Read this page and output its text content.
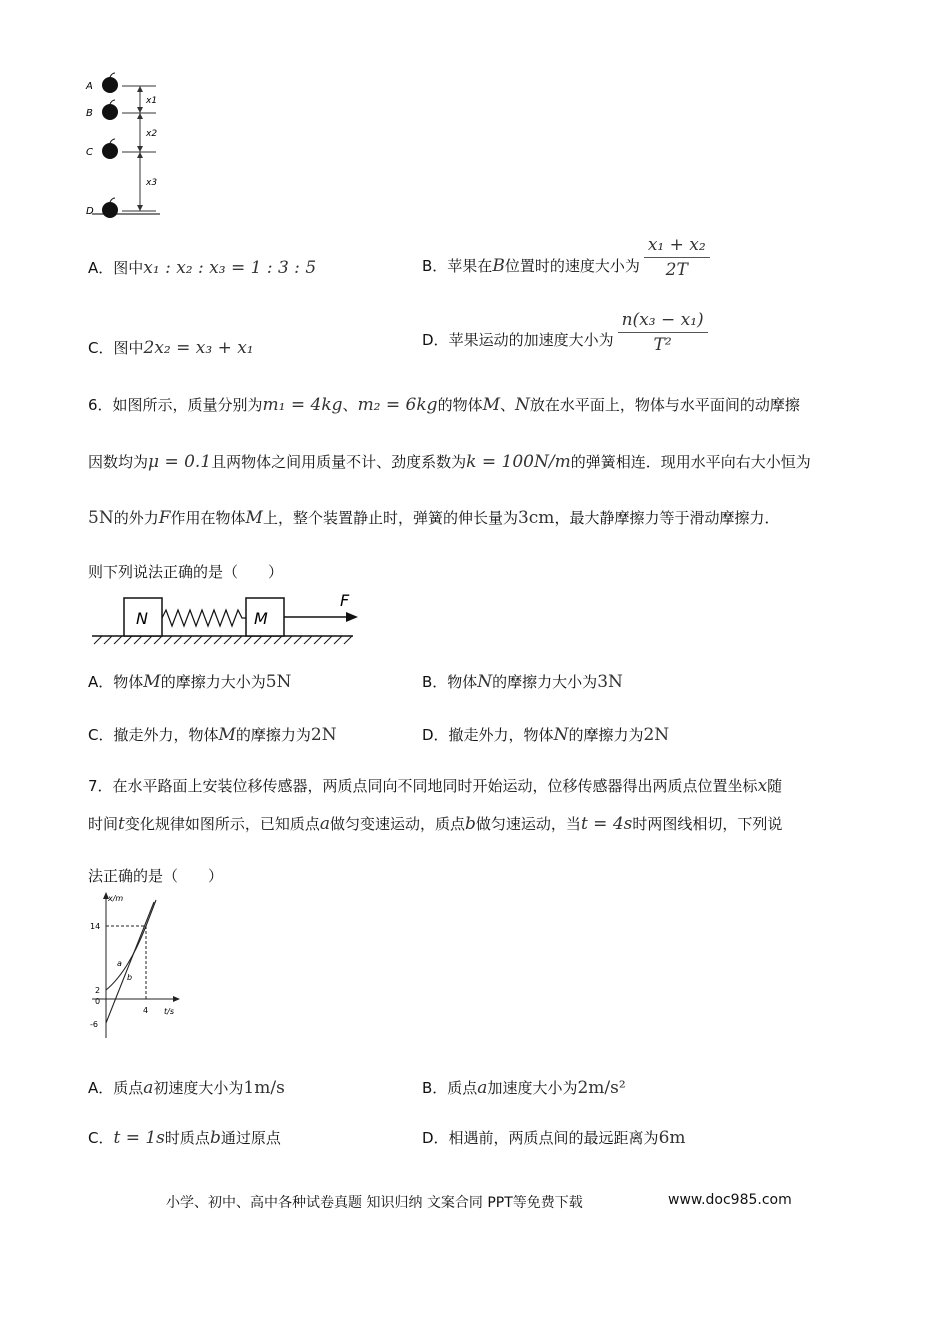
A
B
C
D
x1
x2
x3
A．图中x₁ : x₂ : x₃ = 1 : 3 : 5	B． 苹果在 B 位置时的速度大小为 $\frac{\text{x₁ + x₂}}{2T}$
C．图中2x₂ = x₃ + x₁	D． 苹果运动的加速度大小为 $\frac{\text{n(x₃ − x₁)}}{\text{T²}}$
6．如图所示，质量分别为m₁ = 4kg、m₂ = 6kg的物体M、N放在水平面上，物体与水平面间的动摩擦
因数均为μ = 0.1且两物体之间用质量不计、劲度系数为k = 100N/m的弹簧相连．现用水平向右大小恒为
5N的外力F作用在物体M上，整个装置静止时，弹簧的伸长量为3cm，最大静摩擦力等于滑动摩擦力．
则下列说法正确的是（　　）
N	M
F
A．物体M的摩擦力大小为5N	B．物体N的摩擦力大小为3N
C．撤走外力，物体M的摩擦力为2N	D．撤走外力，物体N的摩擦力为2N
7．在水平路面上安装位移传感器，两质点同向不同地同时开始运动，位移传感器得出两质点位置坐标x随
时间t变化规律如图所示，已知质点a做匀变速运动，质点b做匀速运动，当t = 4s时两图线相切，下列说
法正确的是（　　）
x/m
t/s
14
2
0
-6
4
a
b
A．质点a初速度大小为1m/s	B．质点a加速度大小为2m/s²
C．t = 1s时质点b通过原点	D．相遇前，两质点间的最远距离为6m
小学、初中、高中各种试卷真题 知识归纳 文案合同 PPT等免费下载	www.doc985.com
